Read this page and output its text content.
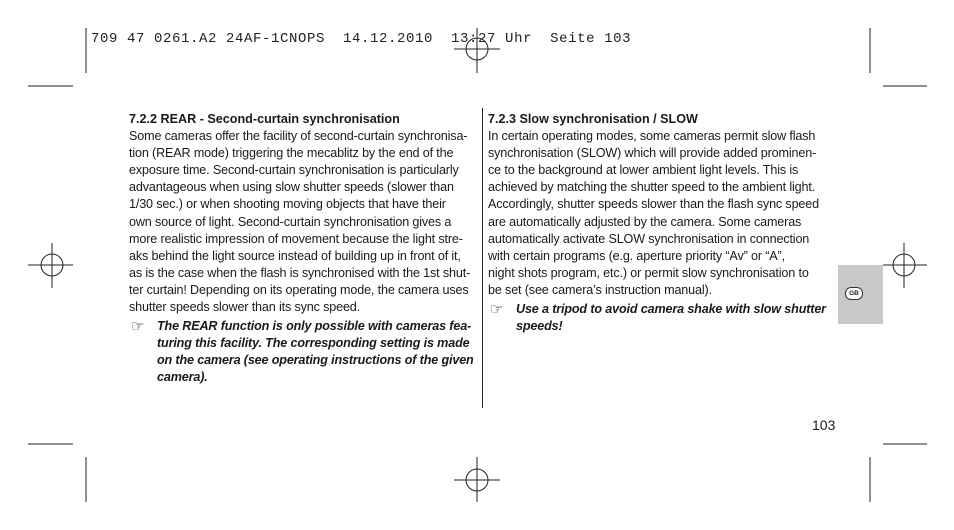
709 47 0261.A2 24AF-1CNOPS  14.12.2010  13:27 Uhr  Seite 103

7.2.2 REAR - Second-curtain synchronisation

Some cameras offer the facility of second-curtain synchronisa-
tion (REAR mode) triggering the mecablitz by the end of the
exposure time. Second-curtain synchronisation is particularly
advantageous when using slow shutter speeds (slower than
1/30 sec.) or when shooting moving objects that have their
own source of light. Second-curtain synchronisation gives a
more realistic impression of movement because the light stre-
aks behind the light source instead of building up in front of it,
as is the case when the flash is synchronised with the 1st shut-
ter curtain! Depending on its operating mode, the camera uses
shutter speeds slower than its sync speed.

☞ The REAR function is only possible with cameras fea-
turing this facility. The corresponding setting is made
on the camera (see operating instructions of the given
camera).

7.2.3 Slow synchronisation / SLOW

In certain operating modes, some cameras permit slow flash
synchronisation (SLOW) which will provide added prominen-
ce to the background at lower ambient light levels. This is
achieved by matching the shutter speed to the ambient light.
Accordingly, shutter speeds slower than the flash sync speed
are automatically adjusted by the camera. Some cameras
automatically activate SLOW synchronisation in connection
with certain programs (e.g. aperture priority “Av” or “A”,
night shots program, etc.) or permit slow synchronisation to
be set (see camera’s instruction manual).

☞ Use a tripod to avoid camera shake with slow shutter
speeds!
GB
103
